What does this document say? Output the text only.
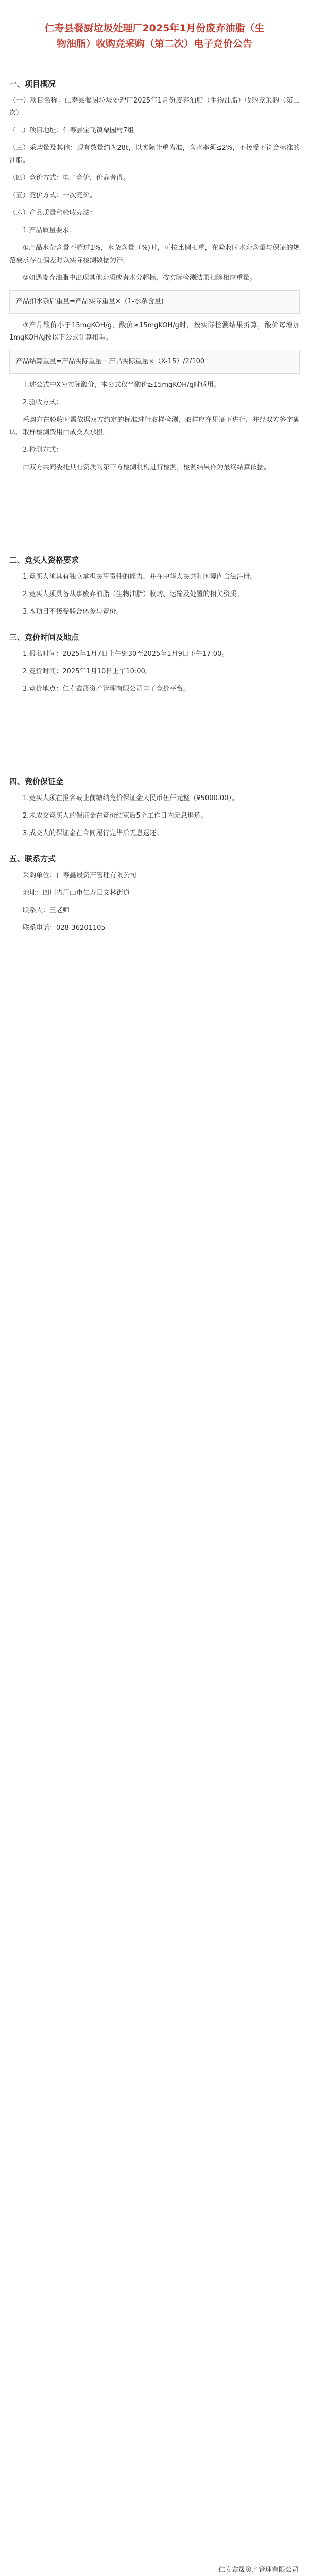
仁寿县餐厨垃圾处理厂2025年1月份废弃油脂（生物油脂）收购竞采购（第二次）电子竞价公告
一、项目概况

（一）项目名称：仁寿县餐厨垃圾处理厂2025年1月份废弃油脂（生物油脂）收购竞采购（第二次）

（二）项目地址：仁寿县宝飞镇栗园村7组

（三）采购量及其他：现有数量约为28t，以实际计重为准，含水率须≤2%，不接受不符合标准的油脂。

（四）竞价方式：电子竞价，价高者得。

（五）竞价方式：一次竞价。

（六）产品质量和验收办法：

1.产品质量要求：

①产品水杂含量不超过1%，水杂含量（%)时，可按比例扣重，在验收时水杂含量与保证的规范要求存在偏差时以实际检测数据为准。

②如遇废弃油脂中出现其他杂质或者水分超标，按实际检测结果扣除相应重量。

产品扣水杂后重量=产品实际重量×（1-水杂含量)

③产品酸价小于15mgKOH/g，酸价≥15mgKOH/g时，按实际检测结果折算，酸价每增加1mgKOH/g按以下公式计算扣重。

产品结算重量=产品实际重量－产品实际重量×（X-15）/2/100

上述公式中X为实际酸价，本公式仅当酸价≥15mgKOH/g时适用。

2.验收方式：

采购方在验收时需依据双方约定的标准进行取样检测，取样应在见证下进行，并经双方签字确认。取样检测费用由成交人承担。

3.检测方式：

由双方共同委托具有资质的第三方检测机构进行检测，检测结果作为最终结算依据。

二、竞买人资格要求

1.竞买人须具有独立承担民事责任的能力，并在中华人民共和国境内合法注册。

2.竞买人须具备从事废弃油脂（生物油脂）收购、运输及处置的相关资质。

3.本项目不接受联合体参与竞价。

三、竞价时间及地点

1.报名时间：2025年1月7日上午9:30至2025年1月9日下午17:00。

2.竞价时间：2025年1月10日上午10:00。

3.竞价地点：仁寿鑫晟资产管理有限公司电子竞价平台。

四、竞价保证金

1.竞买人须在报名截止前缴纳竞价保证金人民币伍仟元整（¥5000.00）。

2.未成交竞买人的保证金在竞价结束后5个工作日内无息退还。

3.成交人的保证金在合同履行完毕后无息退还。

五、联系方式

采购单位：仁寿鑫晟资产管理有限公司

地址：四川省眉山市仁寿县文林街道

联系人：王老师

联系电话：028-36201105

仁寿鑫晟资产管理有限公司
